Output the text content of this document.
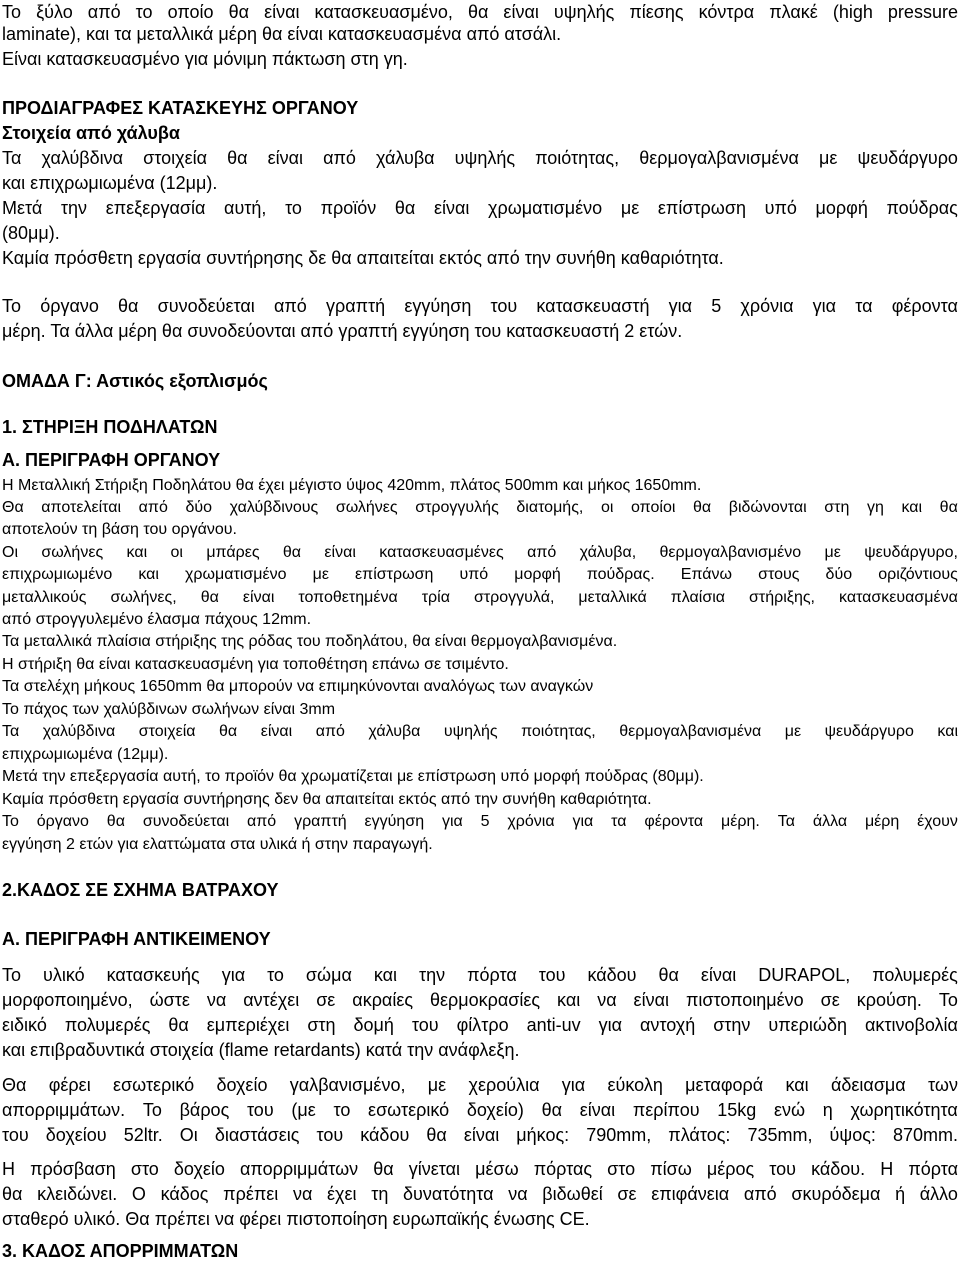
Το ξύλο από το οποίο θα είναι κατασκευασμένο, θα είναι υψηλής πίεσης κόντρα πλακέ (high pressure
laminate), και τα μεταλλικά μέρη θα είναι κατασκευασμένα από ατσάλι.
Είναι κατασκευασμένο για μόνιμη πάκτωση στη γη.
ΠΡΟΔΙΑΓΡΑΦΕΣ ΚΑΤΑΣΚΕΥΗΣ ΟΡΓΑΝΟΥ
Στοιχεία από χάλυβα
Τα χαλύβδινα στοιχεία θα είναι από χάλυβα υψηλής ποιότητας, θερμογαλβανισμένα με ψευδάργυρο
και επιχρωμιωμένα (12μμ).
Μετά την επεξεργασία αυτή, το προϊόν θα είναι χρωματισμένο με επίστρωση υπό μορφή πούδρας
(80μμ).
Καμία πρόσθετη εργασία συντήρησης δε θα απαιτείται εκτός από την συνήθη καθαριότητα.
Το όργανο θα συνοδεύεται από γραπτή εγγύηση του κατασκευαστή για 5 χρόνια για τα φέροντα
μέρη. Τα άλλα μέρη θα συνοδεύονται από γραπτή εγγύηση του κατασκευαστή 2 ετών.
ΟΜΑΔΑ Γ: Αστικός εξοπλισμός
1. ΣΤΗΡΙΞΗ ΠΟΔΗΛΑΤΩΝ
Α. ΠΕΡΙΓΡΑΦΗ ΟΡΓΑΝΟΥ
Η Μεταλλική Στήριξη Ποδηλάτου θα έχει μέγιστο ύψος 420mm, πλάτος 500mm και μήκος 1650mm.
Θα αποτελείται από δύο χαλύβδινους σωλήνες στρογγυλής διατομής, οι οποίοι θα βιδώνονται στη γη και θα
αποτελούν τη βάση του οργάνου.
Οι σωλήνες και οι μπάρες θα είναι κατασκευασμένες από χάλυβα, θερμογαλβανισμένο με ψευδάργυρο,
επιχρωμιωμένο και χρωματισμένο με επίστρωση υπό μορφή πούδρας. Επάνω στους δύο οριζόντιους
μεταλλικούς σωλήνες, θα είναι τοποθετημένα τρία στρογγυλά, μεταλλικά πλαίσια στήριξης, κατασκευασμένα
από στρογγυλεμένο έλασμα πάχους 12mm.
Τα μεταλλικά πλαίσια στήριξης της ρόδας του ποδηλάτου, θα είναι θερμογαλβανισμένα.
Η στήριξη θα είναι κατασκευασμένη για τοποθέτηση επάνω σε τσιμέντο.
Τα στελέχη μήκους 1650mm θα μπορούν να επιμηκύνονται αναλόγως των αναγκών
Το πάχος των χαλύβδινων σωλήνων είναι 3mm
Τα χαλύβδινα στοιχεία θα είναι από χάλυβα υψηλής ποιότητας, θερμογαλβανισμένα με ψευδάργυρο και
επιχρωμιωμένα (12μμ).
Μετά την επεξεργασία αυτή, το προϊόν θα χρωματίζεται με επίστρωση υπό μορφή πούδρας (80μμ).
Καμία πρόσθετη εργασία συντήρησης δεν θα απαιτείται εκτός από την συνήθη καθαριότητα.
Το όργανο θα συνοδεύεται από γραπτή εγγύηση για 5 χρόνια για τα φέροντα μέρη. Τα άλλα μέρη έχουν
εγγύηση 2 ετών για ελαττώματα στα υλικά ή στην παραγωγή.
2.ΚΑΔΟΣ ΣΕ ΣΧΗΜΑ ΒΑΤΡΑΧΟΥ
Α. ΠΕΡΙΓΡΑΦΗ ΑΝΤΙΚΕΙΜΕΝΟΥ
Το υλικό κατασκευής για το σώμα και την πόρτα του κάδου θα είναι DURAPOL, πολυμερές
μορφοποιημένο, ώστε να αντέχει σε ακραίες θερμοκρασίες και να είναι πιστοποιημένο σε κρούση. Το
ειδικό πολυμερές θα εμπεριέχει στη δομή του φίλτρο anti-uv για αντοχή στην υπεριώδη ακτινοβολία
και επιβραδυντικά στοιχεία (flame retardants) κατά την ανάφλεξη.
Θα φέρει εσωτερικό δοχείο γαλβανισμένο, με χερούλια για εύκολη μεταφορά και άδειασμα των
απορριμμάτων. Το βάρος του (με το εσωτερικό δοχείο) θα είναι περίπου 15kg ενώ η χωρητικότητα
του δοχείου 52ltr. Οι διαστάσεις του κάδου θα είναι μήκος: 790mm, πλάτος: 735mm, ύψος: 870mm.
Η πρόσβαση στο δοχείο απορριμμάτων θα γίνεται μέσω πόρτας στο πίσω μέρος του κάδου. Η πόρτα
θα κλειδώνει. Ο κάδος πρέπει να έχει τη δυνατότητα να βιδωθεί σε επιφάνεια από σκυρόδεμα ή άλλο
σταθερό υλικό. Θα πρέπει να φέρει πιστοποίηση ευρωπαϊκής ένωσης CE.
3. ΚΑΔΟΣ ΑΠΟΡΡΙΜΜΑΤΩΝ
